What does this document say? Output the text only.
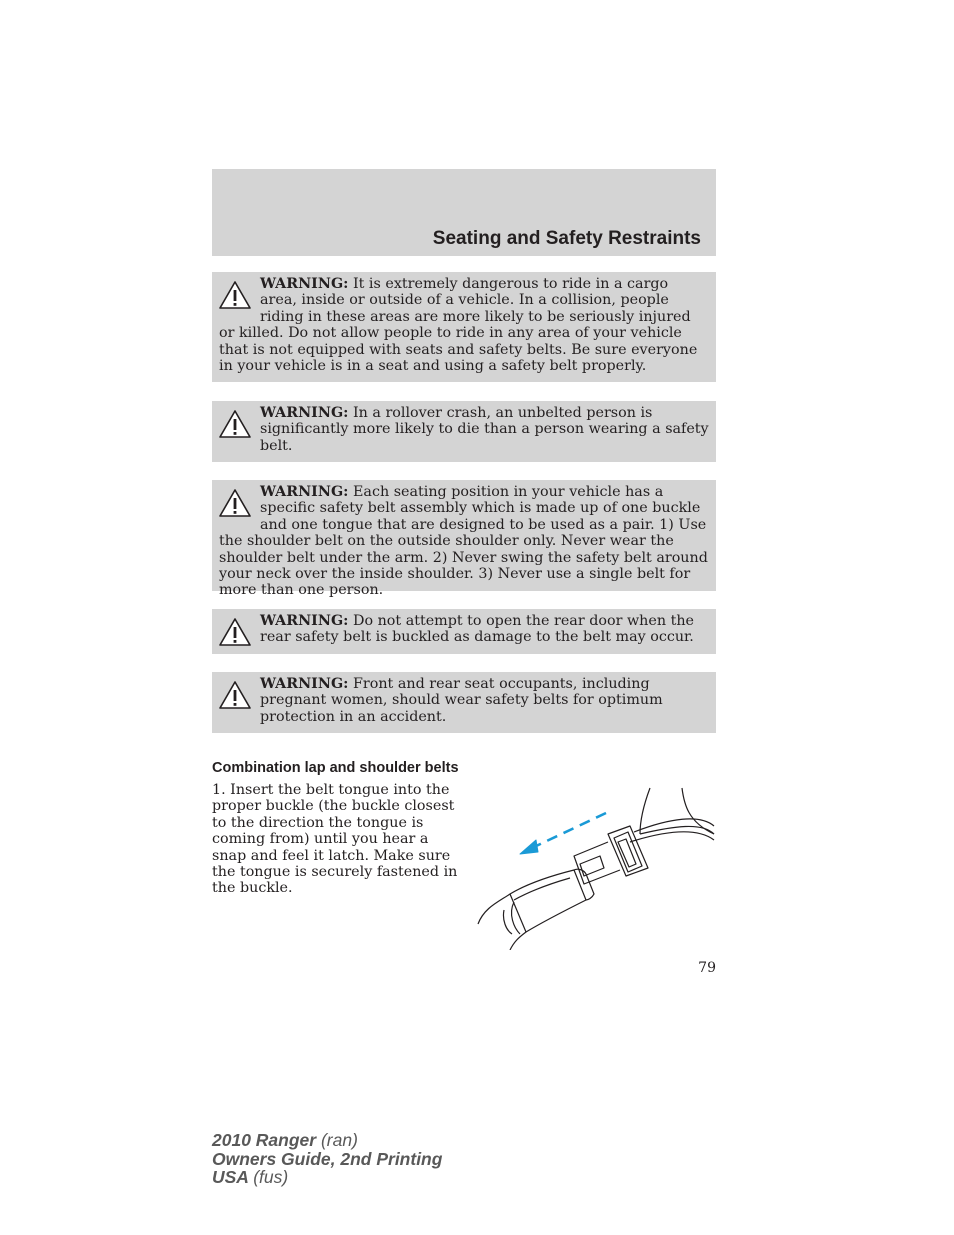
Seating and Safety Restraints
WARNING: It is extremely dangerous to ride in a cargo area, inside or outside of a vehicle. In a collision, people riding in these areas are more likely to be seriously injured or killed. Do not allow people to ride in any area of your vehicle that is not equipped with seats and safety belts. Be sure everyone in your vehicle is in a seat and using a safety belt properly.
WARNING: In a rollover crash, an unbelted person is significantly more likely to die than a person wearing a safety belt.
WARNING: Each seating position in your vehicle has a specific safety belt assembly which is made up of one buckle and one tongue that are designed to be used as a pair. 1) Use the shoulder belt on the outside shoulder only. Never wear the shoulder belt under the arm. 2) Never swing the safety belt around your neck over the inside shoulder. 3) Never use a single belt for more than one person.
WARNING: Do not attempt to open the rear door when the rear safety belt is buckled as damage to the belt may occur.
WARNING: Front and rear seat occupants, including pregnant women, should wear safety belts for optimum protection in an accident.
Combination lap and shoulder belts

1. Insert the belt tongue into the proper buckle (the buckle closest to the direction the tongue is coming from) until you hear a snap and feel it latch. Make sure the tongue is securely fastened in the buckle.

79

2010 Ranger (ran)
Owners Guide, 2nd Printing
USA (fus)
